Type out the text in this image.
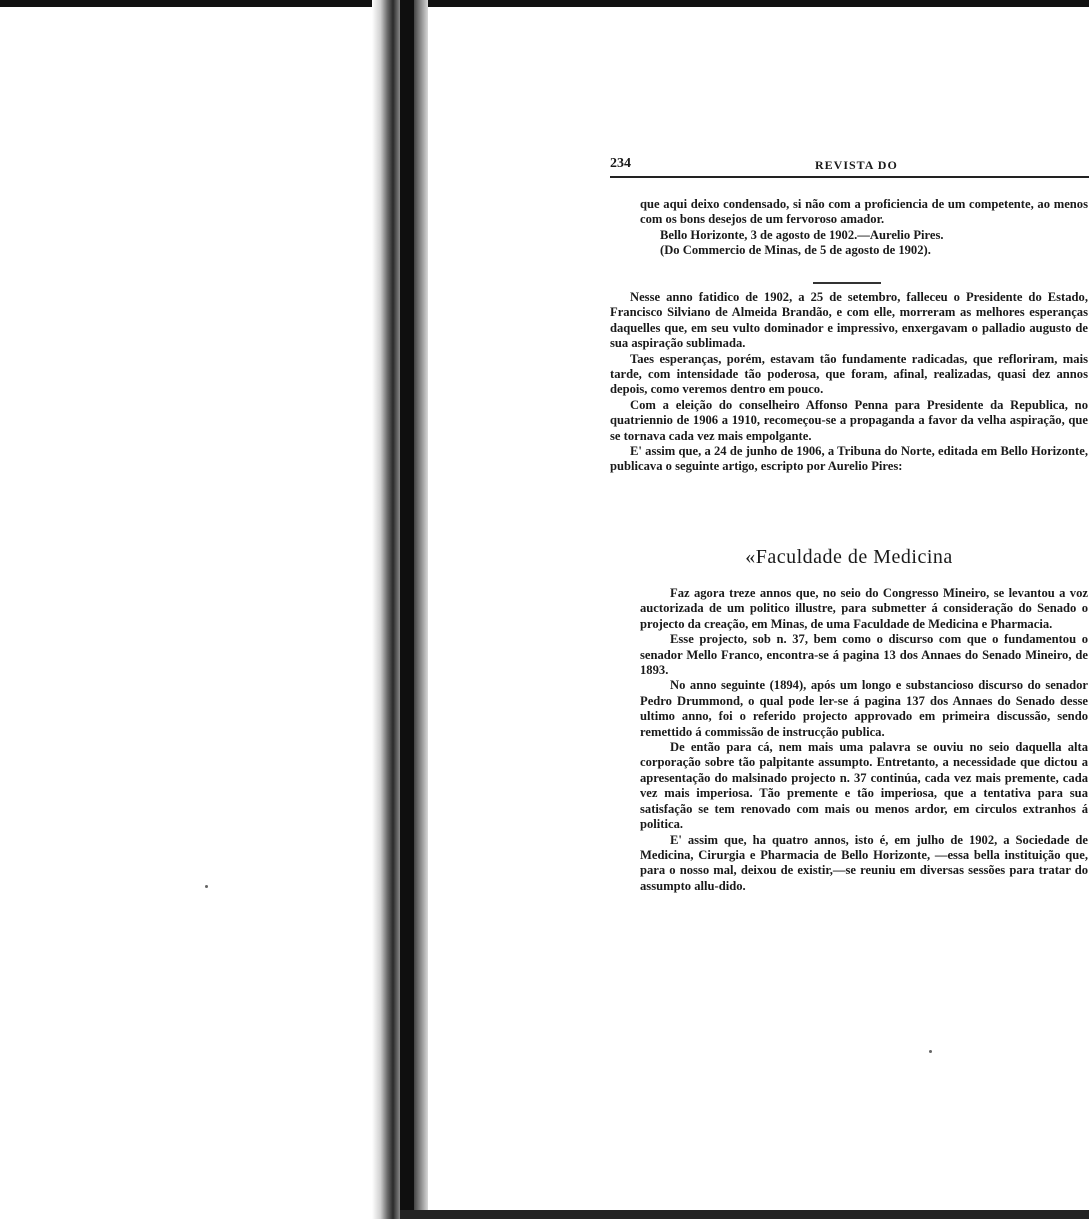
234	REVISTA DO

que aqui deixo condensado, si não com a proficiencia de um competente, ao menos com os bons desejos de um fervoroso amador.

Bello Horizonte, 3 de agosto de 1902.—Aurelio Pires.

(Do Commercio de Minas, de 5 de agosto de 1902).

Nesse anno fatidico de 1902, a 25 de setembro, falleceu o Presidente do Estado, Francisco Silviano de Almeida Brandão, e com elle, morreram as melhores esperanças daquelles que, em seu vulto dominador e impressivo, enxergavam o palladio augusto de sua aspiração sublimada.

Taes esperanças, porém, estavam tão fundamente radicadas, que refloriram, mais tarde, com intensidade tão poderosa, que foram, afinal, realizadas, quasi dez annos depois, como veremos dentro em pouco.

Com a eleição do conselheiro Affonso Penna para Presidente da Republica, no quatriennio de 1906 a 1910, recomeçou-se a propaganda a favor da velha aspiração, que se tornava cada vez mais empolgante.

E' assim que, a 24 de junho de 1906, a Tribuna do Norte, editada em Bello Horizonte, publicava o seguinte artigo, escripto por Aurelio Pires:

«Faculdade de Medicina

Faz agora treze annos que, no seio do Congresso Mineiro, se levantou a voz auctorizada de um politico illustre, para submetter á consideração do Senado o projecto da creação, em Minas, de uma Faculdade de Medicina e Pharmacia.

Esse projecto, sob n. 37, bem como o discurso com que o fundamentou o senador Mello Franco, encontra-se á pagina 13 dos Annaes do Senado Mineiro, de 1893.

No anno seguinte (1894), após um longo e substancioso discurso do senador Pedro Drummond, o qual pode ler-se á pagina 137 dos Annaes do Senado desse ultimo anno, foi o referido projecto approvado em primeira discussão, sendo remettido á commissão de instrucção publica.

De então para cá, nem mais uma palavra se ouviu no seio daquella alta corporação sobre tão palpitante assumpto. Entretanto, a necessidade que dictou a apresentação do malsinado projecto n. 37 continúa, cada vez mais premente, cada vez mais imperiosa. Tão premente e tão imperiosa, que a tentativa para sua satisfação se tem renovado com mais ou menos ardor, em circulos extranhos á politica.

E' assim que, ha quatro annos, isto é, em julho de 1902, a Sociedade de Medicina, Cirurgia e Pharmacia de Bello Horizonte, —essa bella instituição que, para o nosso mal, deixou de existir,—se reuniu em diversas sessões para tratar do assumpto allu-dido.
